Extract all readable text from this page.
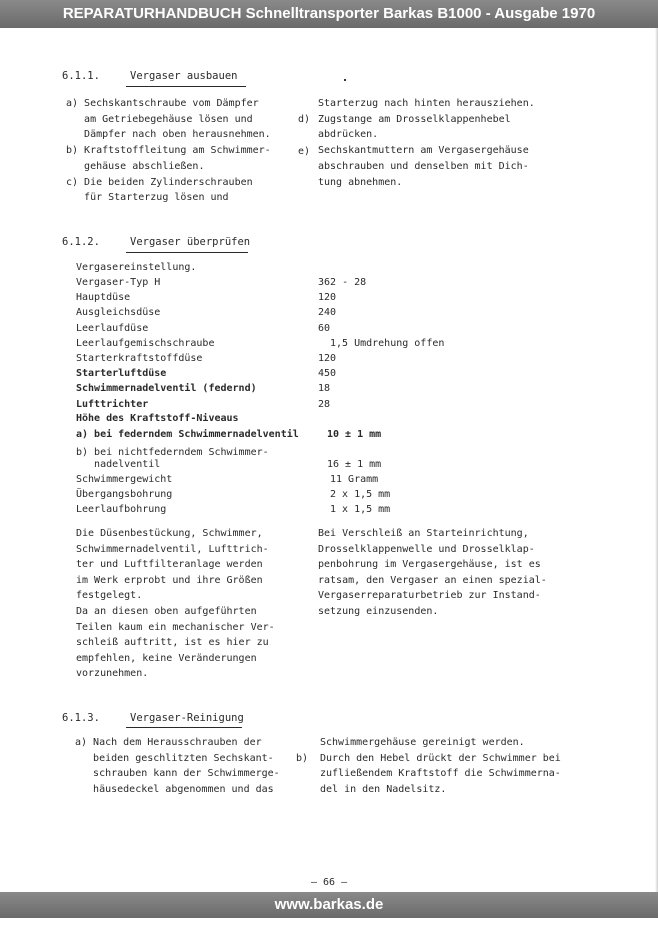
REPARATURHANDBUCH Schnelltransporter Barkas B1000 - Ausgabe 1970
6.1.1.	Vergaser ausbauen
a) Sechskantschraube vom Dämpfer
am Getriebegehäuse lösen und
Dämpfer nach oben herausnehmen.
b) Kraftstoffleitung am Schwimmer-
gehäuse abschließen.
c) Die beiden Zylinderschrauben
für Starterzug lösen und
Starterzug nach hinten herausziehen.
Zugstange am Drosselklappenhebel
abdrücken.
Sechskantmuttern am Vergasergehäuse
abschrauben und denselben mit Dich-
tung abnehmen.
d)
e)
6.1.2.	Vergaser überprüfen
Vergasereinstellung.
Vergaser-Typ H	362 - 28
Hauptdüse	120
Ausgleichsdüse	240
Leerlaufdüse	60
Leerlaufgemischschraube	1,5 Umdrehung offen
Starterkraftstoffdüse	120
Starterluftdüse	450
Schwimmernadelventil (federnd)	18
Lufttrichter	28
Höhe des Kraftstoff-Niveaus
a) bei federndem Schwimmernadelventil	10 ± 1 mm
b) bei nichtfederndem Schwimmer-
nadelventil	16 ± 1 mm
Schwimmergewicht	11 Gramm
Übergangsbohrung	2 x 1,5 mm
Leerlaufbohrung	1 x 1,5 mm
Die Düsenbestückung, Schwimmer,
Schwimmernadelventil, Lufttrich-
ter und Luftfilteranlage werden
im Werk erprobt und ihre Größen
festgelegt.
Da an diesen oben aufgeführten
Teilen kaum ein mechanischer Ver-
schleiß auftritt, ist es hier zu
empfehlen, keine Veränderungen
vorzunehmen.
Bei Verschleiß an Starteinrichtung,
Drosselklappenwelle und Drosselklap-
penbohrung im Vergasergehäuse, ist es
ratsam, den Vergaser an einen spezial-
Vergaserreparaturbetrieb zur Instand-
setzung einzusenden.
6.1.3.	Vergaser-Reinigung
a) Nach dem Herausschrauben der
beiden geschlitzten Sechskant-
schrauben kann der Schwimmerge-
häusedeckel abgenommen und das
Schwimmergehäuse gereinigt werden.
Durch den Hebel drückt der Schwimmer bei
zufließendem Kraftstoff die Schwimmerna-
del in den Nadelsitz.
b)
– 66 –
www.barkas.de
